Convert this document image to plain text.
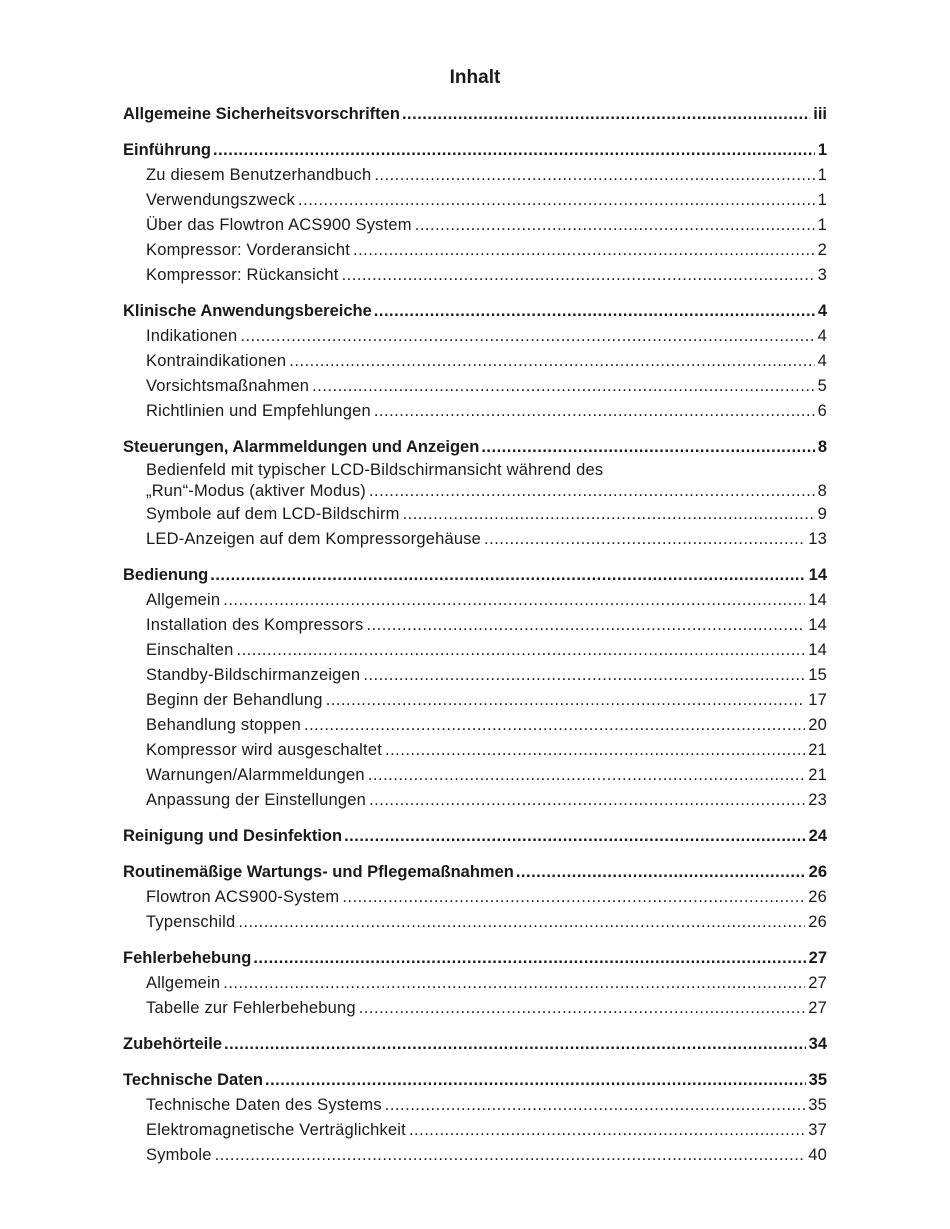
Inhalt
Allgemeine Sicherheitsvorschriften .....	iii
Einführung .....	1
Zu diesem Benutzerhandbuch .....	1
Verwendungszweck .....	1
Über das Flowtron ACS900 System .....	1
Kompressor: Vorderansicht .....	2
Kompressor: Rückansicht .....	3
Klinische Anwendungsbereiche .....	4
Indikationen .....	4
Kontraindikationen .....	4
Vorsichtsmaßnahmen .....	5
Richtlinien und Empfehlungen .....	6
Steuerungen, Alarmmeldungen und Anzeigen .....	8
Bedienfeld mit typischer LCD-Bildschirmansicht während des
„Run“-Modus (aktiver Modus) .....	8
Symbole auf dem LCD-Bildschirm .....	9
LED-Anzeigen auf dem Kompressorgehäuse .....	13
Bedienung .....	14
Allgemein .....	14
Installation des Kompressors .....	14
Einschalten .....	14
Standby-Bildschirmanzeigen .....	15
Beginn der Behandlung .....	17
Behandlung stoppen .....	20
Kompressor wird ausgeschaltet .....	21
Warnungen/Alarmmeldungen .....	21
Anpassung der Einstellungen .....	23
Reinigung und Desinfektion .....	24
Routinemäßige Wartungs- und Pflegemaßnahmen .....	26
Flowtron ACS900-System .....	26
Typenschild .....	26
Fehlerbehebung .....	27
Allgemein .....	27
Tabelle zur Fehlerbehebung .....	27
Zubehörteile .....	34
Technische Daten .....	35
Technische Daten des Systems .....	35
Elektromagnetische Verträglichkeit .....	37
Symbole .....	40
